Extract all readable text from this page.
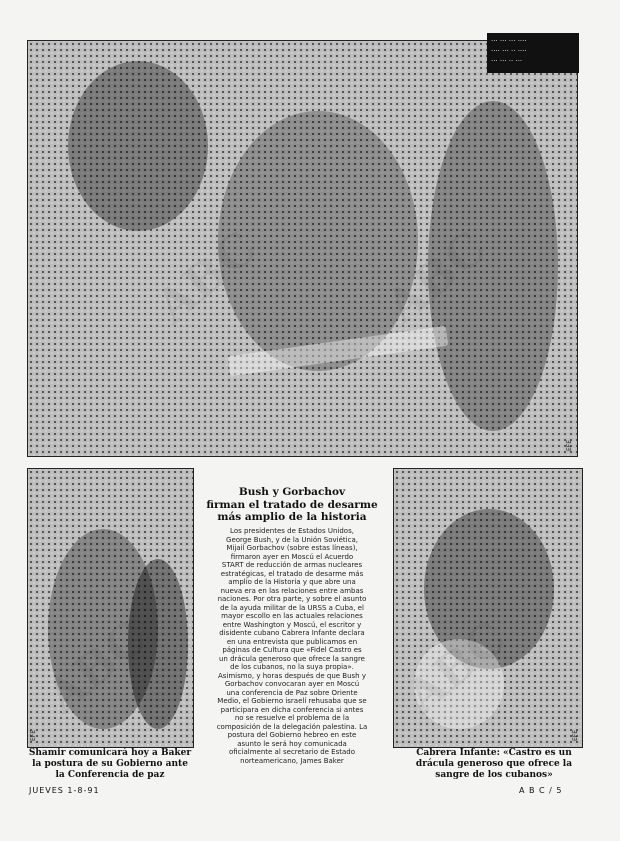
··· ··· ··· ····
···· ··· ·· ····
··· ··· ·· ···
EFE
EFE	EFE
Bush y Gorbachov
firman el tratado de desarme
más amplio de la historia
Los presidentes de Estados Unidos,
George Bush, y de la Unión Soviética,
Mijail Gorbachov (sobre estas líneas),
firmaron ayer en Moscú el Acuerdo
START de reducción de armas nucleares
estratégicas, el tratado de desarme más
amplio de la Historia y que abre una
nueva era en las relaciones entre ambas
naciones. Por otra parte, y sobre el asunto
de la ayuda militar de la URSS a Cuba, el
mayor escollo en las actuales relaciones
entre Washington y Moscú, el escritor y
disidente cubano Cabrera Infante declara
en una entrevista que publicamos en
páginas de Cultura que «Fidel Castro es
un drácula generoso que ofrece la sangre
de los cubanos, no la suya propia».
Asimismo, y horas después de que Bush y
Gorbachov convocaran ayer en Moscú
una conferencia de Paz sobre Oriente
Medio, el Gobierno israelí rehusaba que se
participara en dicha conferencia si antes
no se resuelve el problema de la
composición de la delegación palestina. La
postura del Gobierno hebreo en este
asunto le será hoy comunicada
oficialmente al secretario de Estado
norteamericano, James Baker
Shamir comunicará hoy a Baker la postura de su Gobierno ante la Conferencia de paz
Cabrera Infante: «Castro es un drácula generoso que ofrece la sangre de los cubanos»
JUEVES 1-8-91	A B C / 5
